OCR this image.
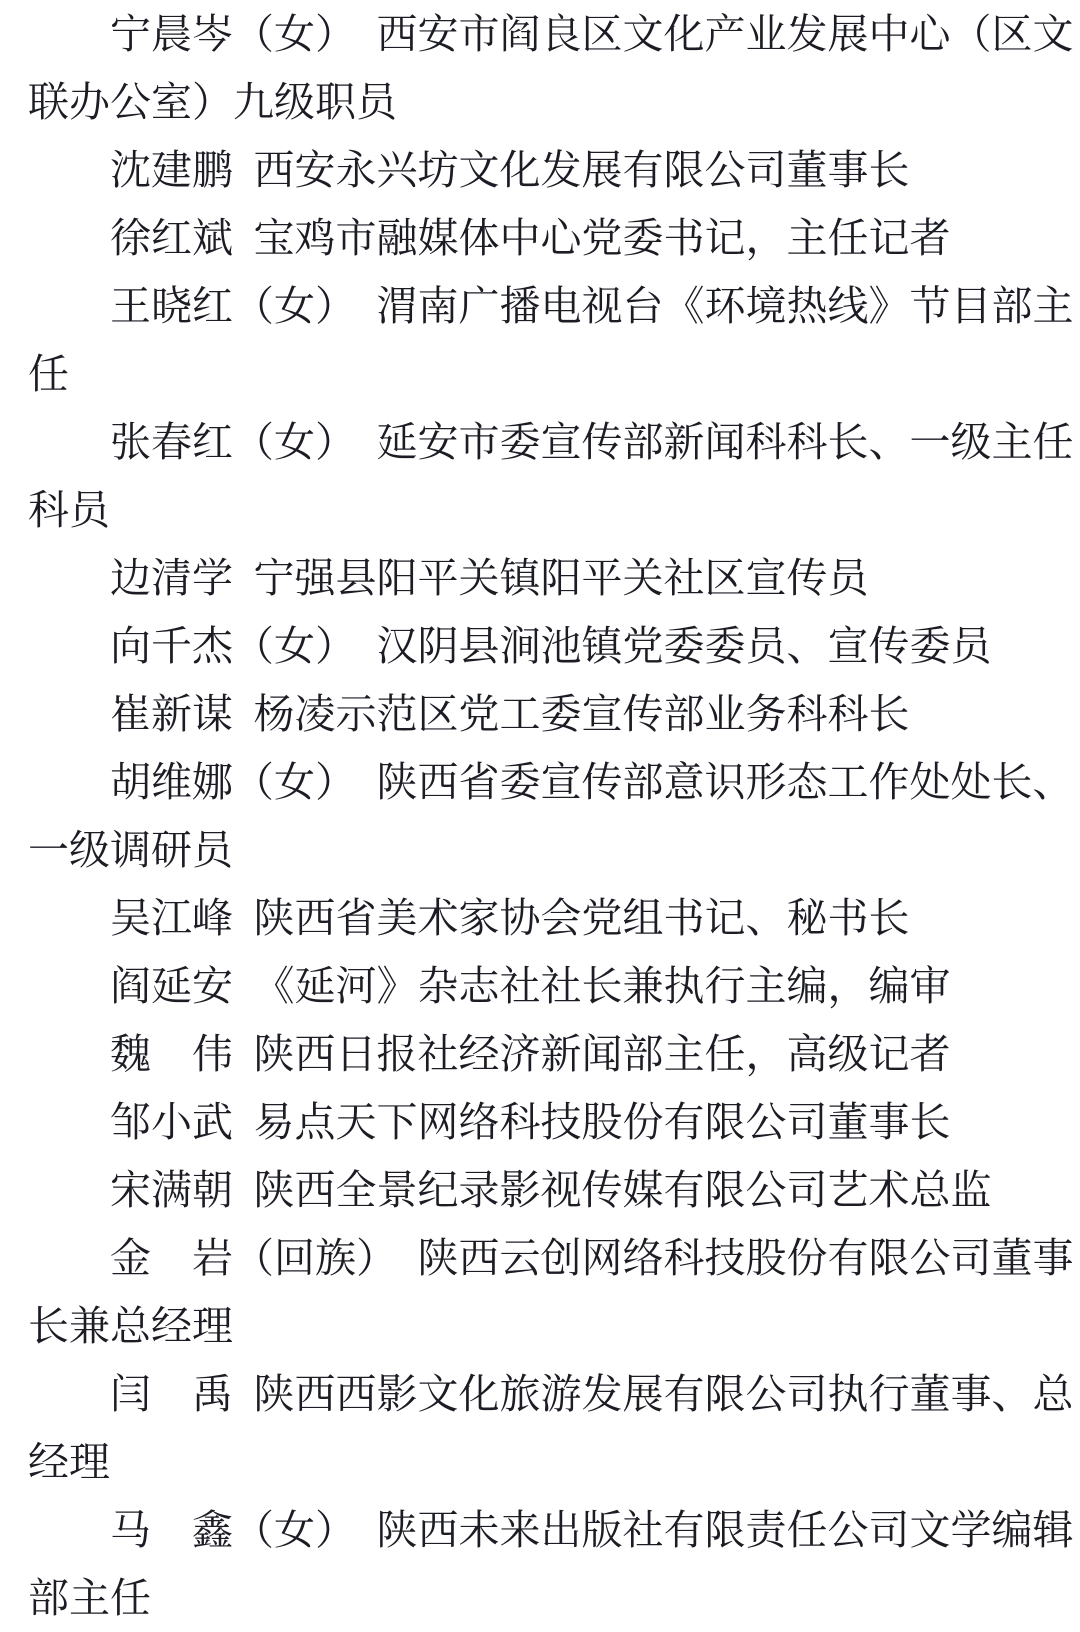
　　宁晨岑（女）　西安市阎良区文化产业发展中心（区文
联办公室）九级职员
　　沈建鹏 西安永兴坊文化发展有限公司董事长
　　徐红斌 宝鸡市融媒体中心党委书记，主任记者
　　王晓红（女）　渭南广播电视台《环境热线》节目部主
任
　　张春红（女）　延安市委宣传部新闻科科长、一级主任
科员
　　边清学 宁强县阳平关镇阳平关社区宣传员
　　向千杰（女）　汉阴县涧池镇党委委员、宣传委员
　　崔新谋 杨凌示范区党工委宣传部业务科科长
　　胡维娜（女）　陕西省委宣传部意识形态工作处处长、
一级调研员
　　吴江峰 陕西省美术家协会党组书记、秘书长
　　阎延安 《延河》杂志社社长兼执行主编，编审
　　魏　伟 陕西日报社经济新闻部主任，高级记者
　　邹小武 易点天下网络科技股份有限公司董事长
　　宋满朝 陕西全景纪录影视传媒有限公司艺术总监
　　金　岩（回族）　陕西云创网络科技股份有限公司董事
长兼总经理
　　闫　禹 陕西西影文化旅游发展有限公司执行董事、总
经理
　　马　鑫（女）　陕西未来出版社有限责任公司文学编辑
部主任
